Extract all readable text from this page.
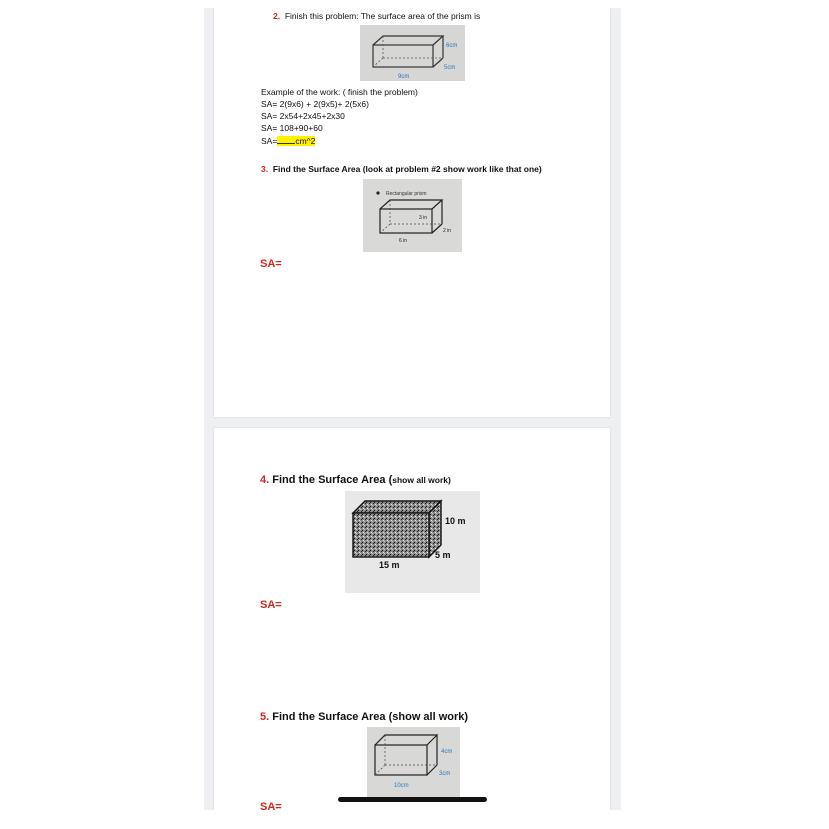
2. Finish this problem: The surface area of the prism is
9cm
6cm
5cm
Example of the work: ( finish the problem)
SA= 2(9x6) + 2(9x5)+ 2(5x6)
SA= 2x54+2x45+2x30
SA= 108+90+60
SA= cm^2
3. Find the Surface Area (look at problem #2 show work like that one)
Rectangular prism
6 in
3 in
2 in
SA=
4. Find the Surface Area (show all work)
10 m
5 m
15 m
SA=
5. Find the Surface Area (show all work)
10cm
4cm
3cm
SA=
